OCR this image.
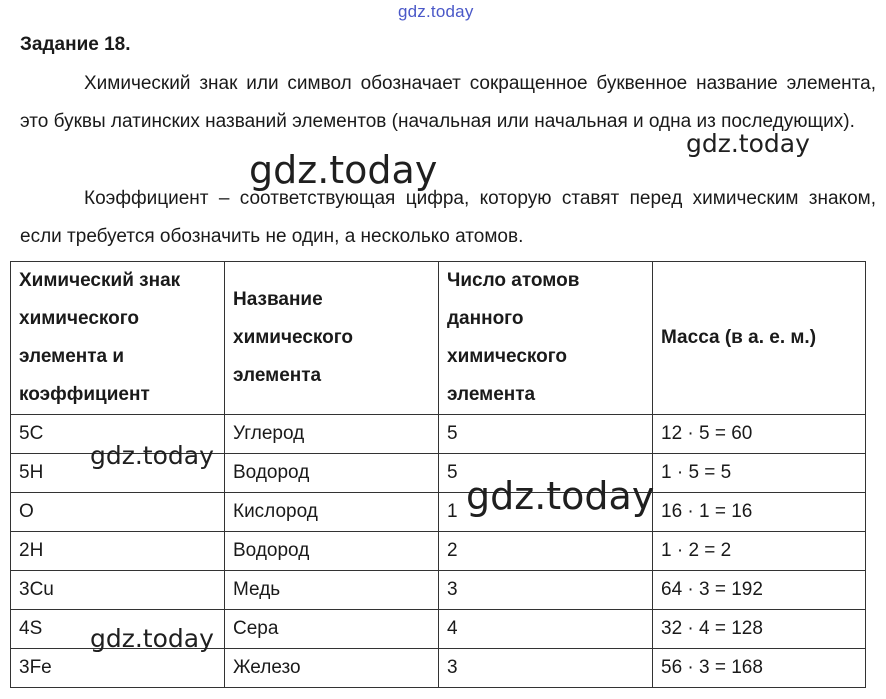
gdz.today
Задание 18.
Химический знак или символ обозначает сокращенное буквенное название элемента, это буквы латинских названий элементов (начальная или начальная и одна из последующих).
Коэффициент – соответствующая цифра, которую ставят перед химическим знаком, если требуется обозначить не один, а несколько атомов.
Химический знак химического элемента и коэффициент	Название химического элемента	Число атомов данного химического элемента	Масса (в а. е. м.)
5C	Углерод	5	12 · 5 = 60
5H	Водород	5	1 · 5 = 5
O	Кислород	1	16 · 1 = 16
2H	Водород	2	1 · 2 = 2
3Cu	Медь	3	64 · 3 = 192
4S	Сера	4	32 · 4 = 128
3Fe	Железо	3	56 · 3 = 168
gdz.today
gdz.today
gdz.today
gdz.today
gdz.today
